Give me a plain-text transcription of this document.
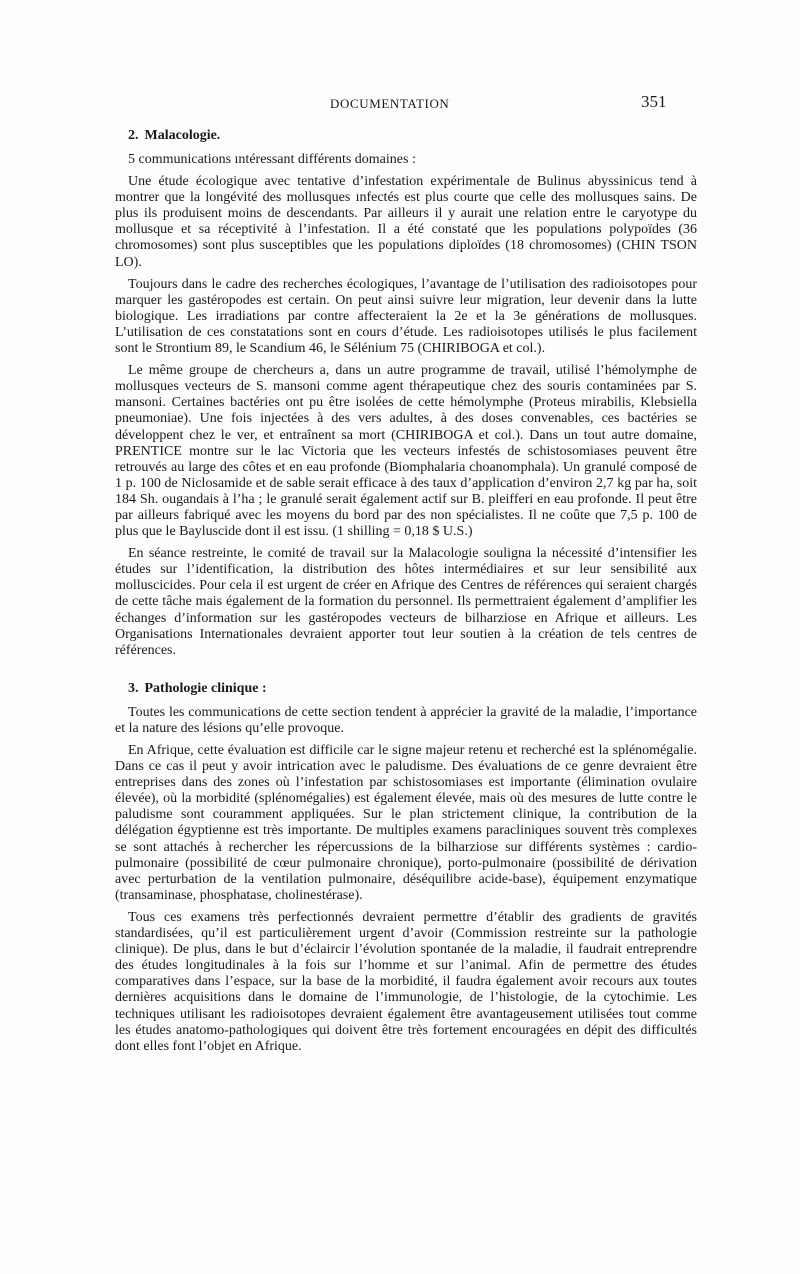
DOCUMENTATION	351
2. Malacologie.

5 communications ıntéressant différents domaines :

Une étude écologique avec tentative d’infestation expérimentale de Bulinus abyssinicus tend à montrer que la longévité des mollusques ınfectés est plus courte que celle des mollusques sains. De plus ils produisent moins de descendants. Par ailleurs il y aurait une relation entre le caryotype du mollusque et sa réceptivité à l’infestation. Il a été constaté que les populations polypoïdes (36 chromosomes) sont plus susceptibles que les populations diploïdes (18 chromosomes) (CHIN TSON LO).

Toujours dans le cadre des recherches écologiques, l’avantage de l’utilisation des radioisotopes pour marquer les gastéropodes est certain. On peut ainsi suivre leur migration, leur devenir dans la lutte biologique. Les irradiations par contre affecteraient la 2e et la 3e générations de mollusques. L’utilisation de ces constatations sont en cours d’étude. Les radioisotopes utilisés le plus facilement sont le Strontium 89, le Scandium 46, le Sélénium 75 (CHIRIBOGA et col.).

Le même groupe de chercheurs a, dans un autre programme de travail, utilisé l’hémolymphe de mollusques vecteurs de S. mansoni comme agent thérapeutique chez des souris contaminées par S. mansoni. Certaines bactéries ont pu être isolées de cette hémolymphe (Proteus mirabilis, Klebsiella pneumoniae). Une fois injectées à des vers adultes, à des doses convenables, ces bactéries se développent chez le ver, et entraînent sa mort (CHIRIBOGA et col.). Dans un tout autre domaine, PRENTICE montre sur le lac Victoria que les vecteurs infestés de schistosomiases peuvent être retrouvés au large des côtes et en eau profonde (Biomphalaria choanomphala). Un granulé composé de 1 p. 100 de Niclosamide et de sable serait efficace à des taux d’application d’environ 2,7 kg par ha, soit 184 Sh. ougandais à l’ha ; le granulé serait également actif sur B. pleifferi en eau profonde. Il peut être par ailleurs fabriqué avec les moyens du bord par des non spécialistes. Il ne coûte que 7,5 p. 100 de plus que le Bayluscide dont il est issu. (1 shilling = 0,18 $ U.S.)

En séance restreinte, le comité de travail sur la Malacologie souligna la nécessité d’intensifier les études sur l’identification, la distribution des hôtes intermédiaires et sur leur sensibilité aux molluscicides. Pour cela il est urgent de créer en Afrique des Centres de références qui seraient chargés de cette tâche mais également de la formation du personnel. Ils permettraient également d’amplifier les échanges d’information sur les gastéropodes vecteurs de bilharziose en Afrique et ailleurs. Les Organisations Internationales devraient apporter tout leur soutien à la création de tels centres de références.

3. Pathologie clinique :

Toutes les communications de cette section tendent à apprécier la gravité de la maladie, l’importance et la nature des lésions qu’elle provoque.

En Afrique, cette évaluation est difficile car le signe majeur retenu et recherché est la splénomégalie. Dans ce cas il peut y avoir intrication avec le paludisme. Des évaluations de ce genre devraient être entreprises dans des zones où l’infestation par schistosomiases est importante (élimination ovulaire élevée), où la morbidité (splénomégalies) est également élevée, mais où des mesures de lutte contre le paludisme sont couramment appliquées. Sur le plan strictement clinique, la contribution de la délégation égyptienne est très importante. De multiples examens paracliniques souvent très complexes se sont attachés à rechercher les répercussions de la bilharziose sur différents systèmes : cardio-pulmonaire (possibilité de cœur pulmonaire chronique), porto-pulmonaire (possibilité de dérivation avec perturbation de la ventilation pulmonaire, déséquilibre acide-base), équipement enzymatique (transaminase, phosphatase, cholinestérase).

Tous ces examens très perfectionnés devraient permettre d’établir des gradients de gravités standardisées, qu’il est particulièrement urgent d’avoir (Commission restreinte sur la pathologie clinique). De plus, dans le but d’éclaircir l’évolution spontanée de la maladie, il faudrait entreprendre des études longitudinales à la fois sur l’homme et sur l’animal. Afin de permettre des études comparatives dans l’espace, sur la base de la morbidité, il faudra également avoir recours aux toutes dernières acquisitions dans le domaine de l’immunologie, de l’histologie, de la cytochimie. Les techniques utilisant les radioisotopes devraient également être avantageusement utilisées tout comme les études anatomo-pathologiques qui doivent être très fortement encouragées en dépit des difficultés dont elles font l’objet en Afrique.
